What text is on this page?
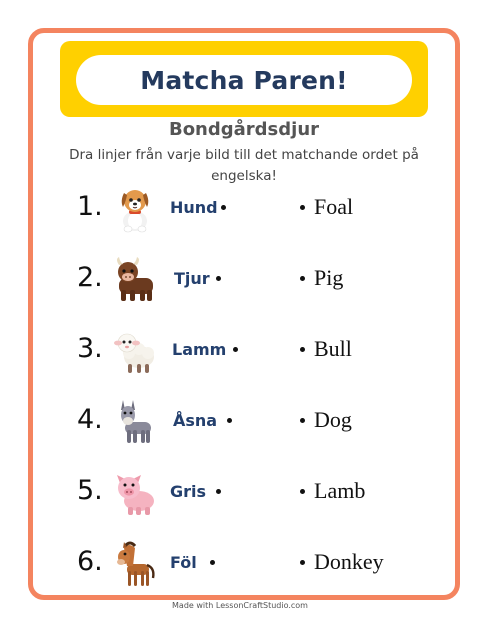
Matcha Paren!
Bondgårdsdjur
Dra linjer från varje bild till det matchande ordet på engelska!
1.	Hund	Foal
2.	Tjur	Pig
3.	Lamm	Bull
4.	Åsna	Dog
5.	Gris	Lamb
6.	Föl	Donkey
Made with LessonCraftStudio.com
